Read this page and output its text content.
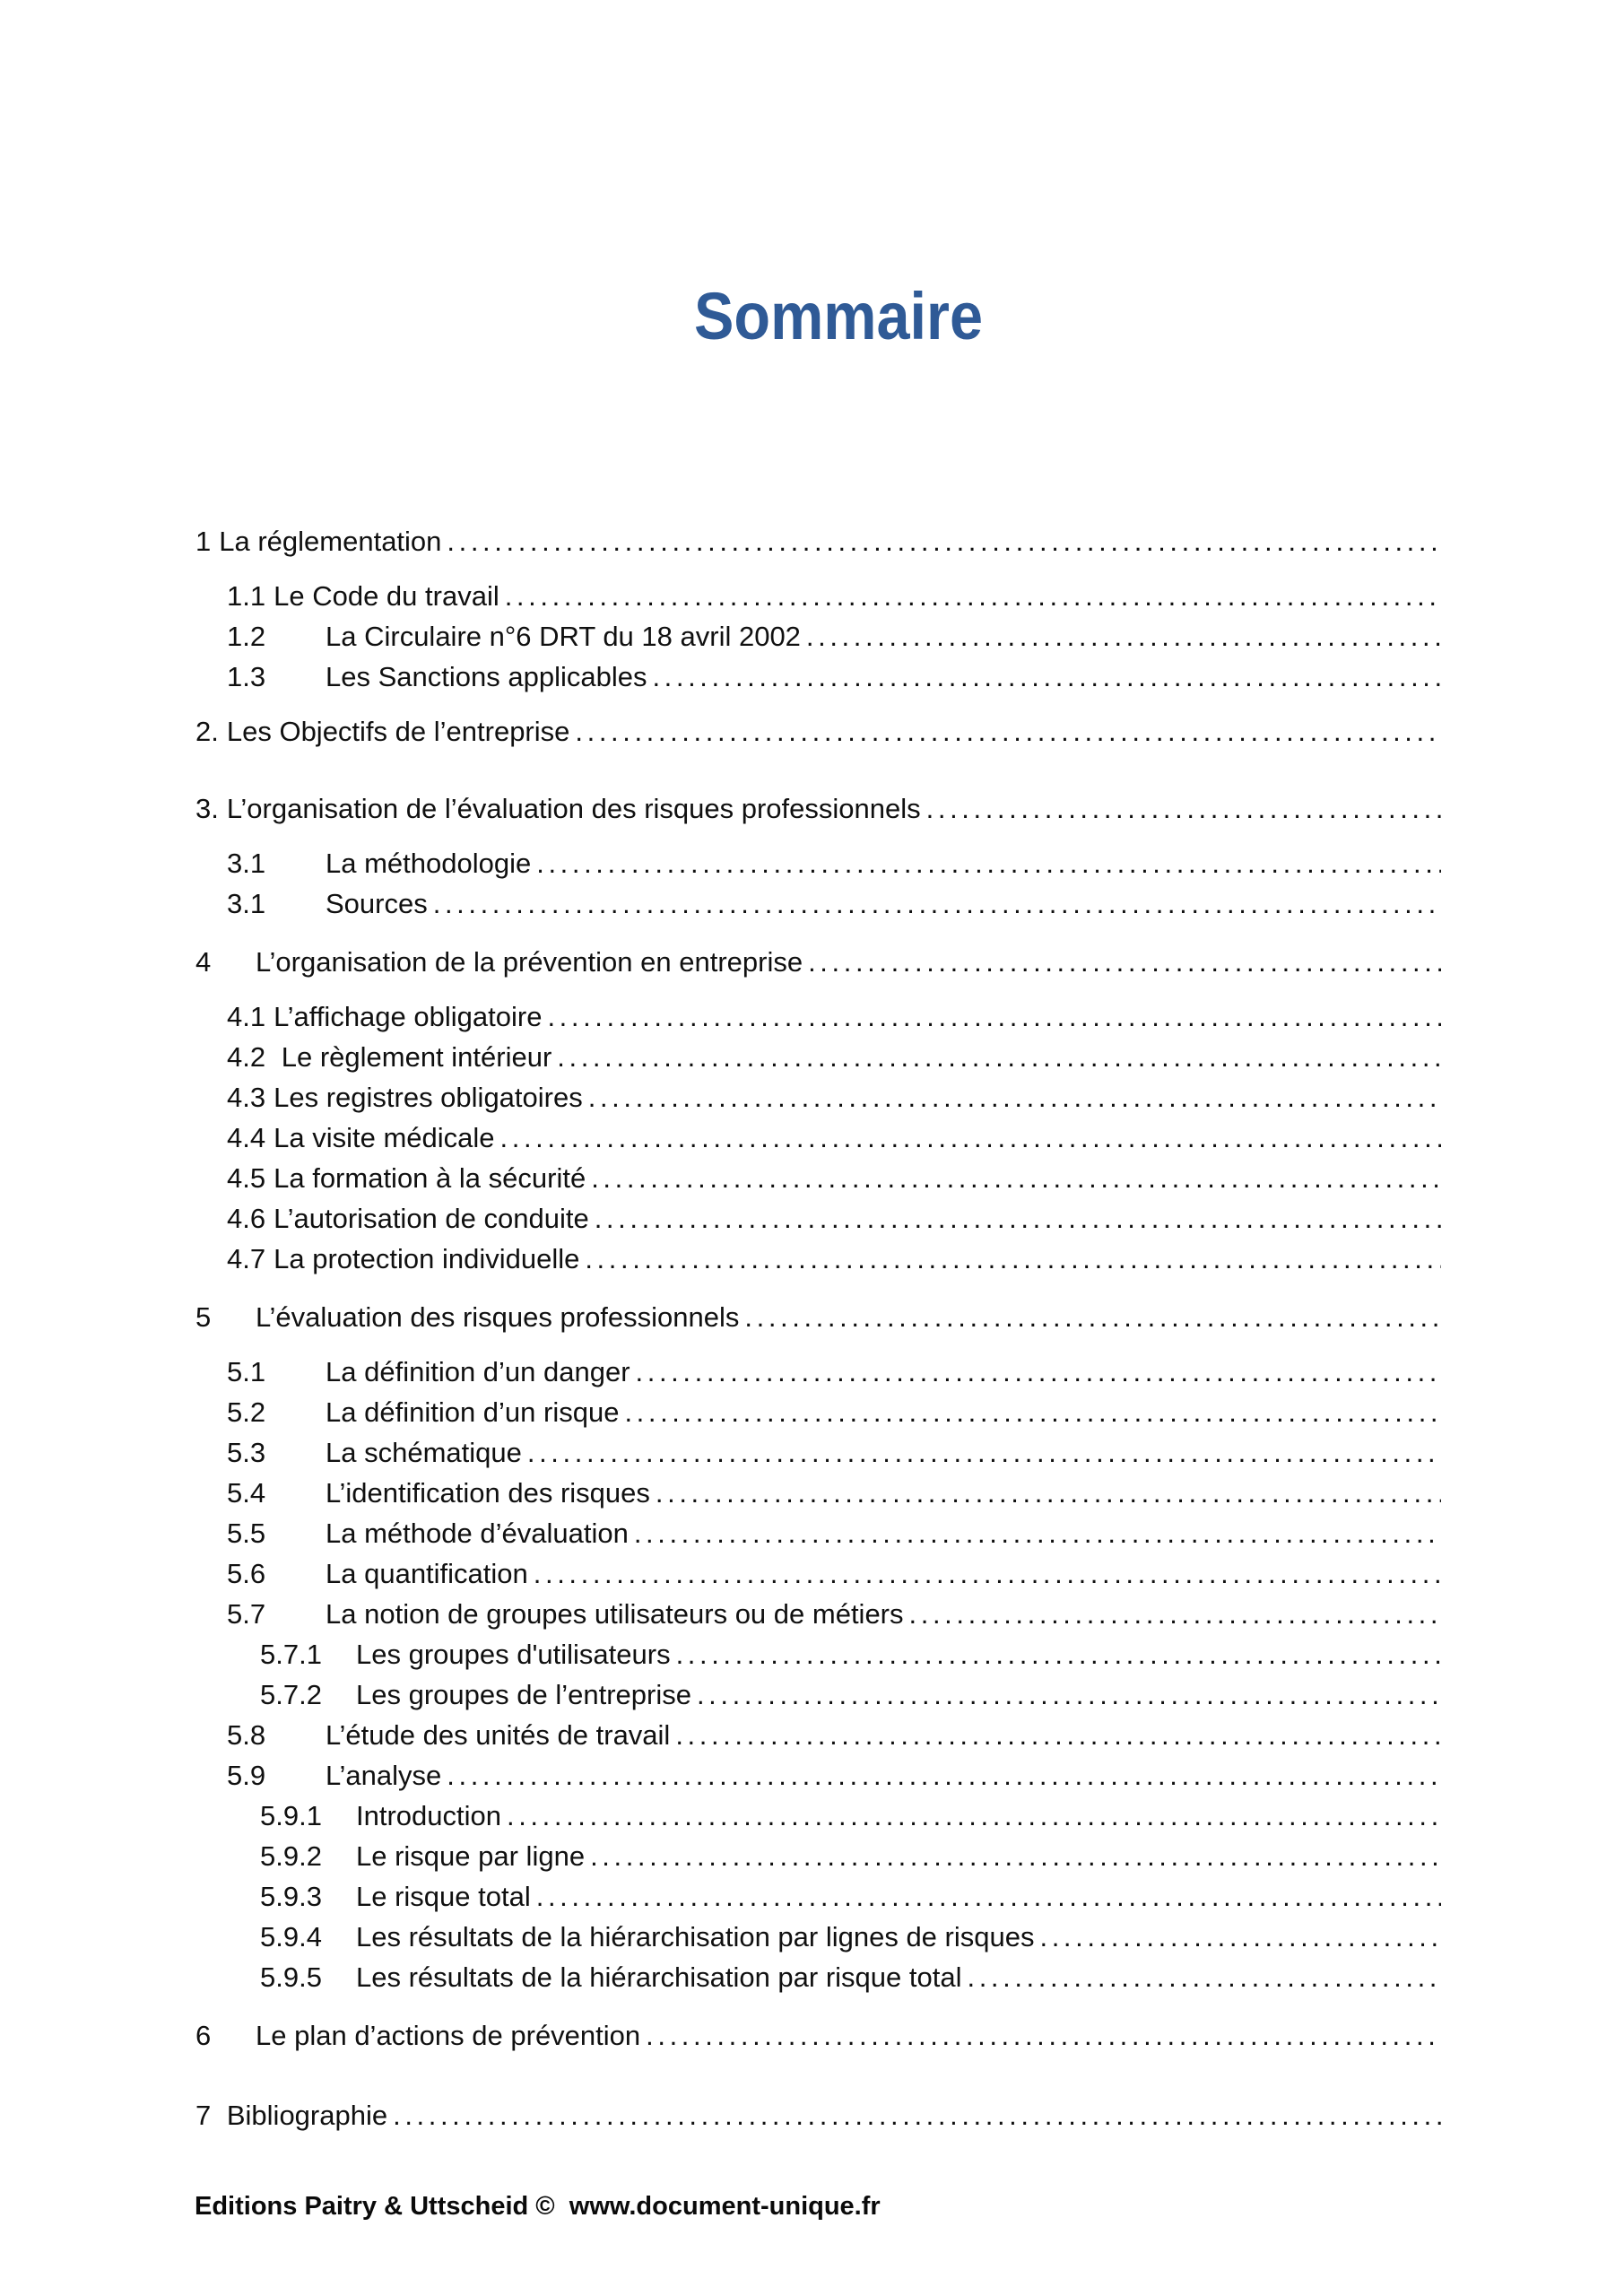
Sommaire
1 La réglementation
.....
1.1 Le Code du travail
.....
1.2	La Circulaire n°6 DRT du 18 avril 2002
.....
1.3	Les Sanctions applicables
.....
2. Les Objectifs de l’entreprise
.....
3. L’organisation de l’évaluation des risques professionnels
.....
3.1	La méthodologie
.....
3.1	Sources
.....
4	L’organisation de la prévention en entreprise
.....
4.1 L’affichage obligatoire
.....
4.2 Le règlement intérieur
.....
4.3 Les registres obligatoires
.....
4.4 La visite médicale
.....
4.5 La formation à la sécurité
.....
4.6 L’autorisation de conduite
.....
4.7 La protection individuelle
.....
5	L’évaluation des risques professionnels
.....
5.1	La définition d’un danger
.....
5.2	La définition d’un risque
.....
5.3	La schématique
.....
5.4	L’identification des risques
.....
5.5	La méthode d’évaluation
.....
5.6	La quantification
.....
5.7	La notion de groupes utilisateurs ou de métiers
.....
5.7.1	Les groupes d'utilisateurs
.....
5.7.2	Les groupes de l’entreprise
.....
5.8	L’étude des unités de travail
.....
5.9	L’analyse
.....
5.9.1	Introduction
.....
5.9.2	Le risque par ligne
.....
5.9.3	Le risque total
.....
5.9.4	Les résultats de la hiérarchisation par lignes de risques
.....
5.9.5	Les résultats de la hiérarchisation par risque total
.....
6	Le plan d’actions de prévention
.....
7 Bibliographie
.....
Editions Paitry & Uttscheid ©  www.document-unique.fr
